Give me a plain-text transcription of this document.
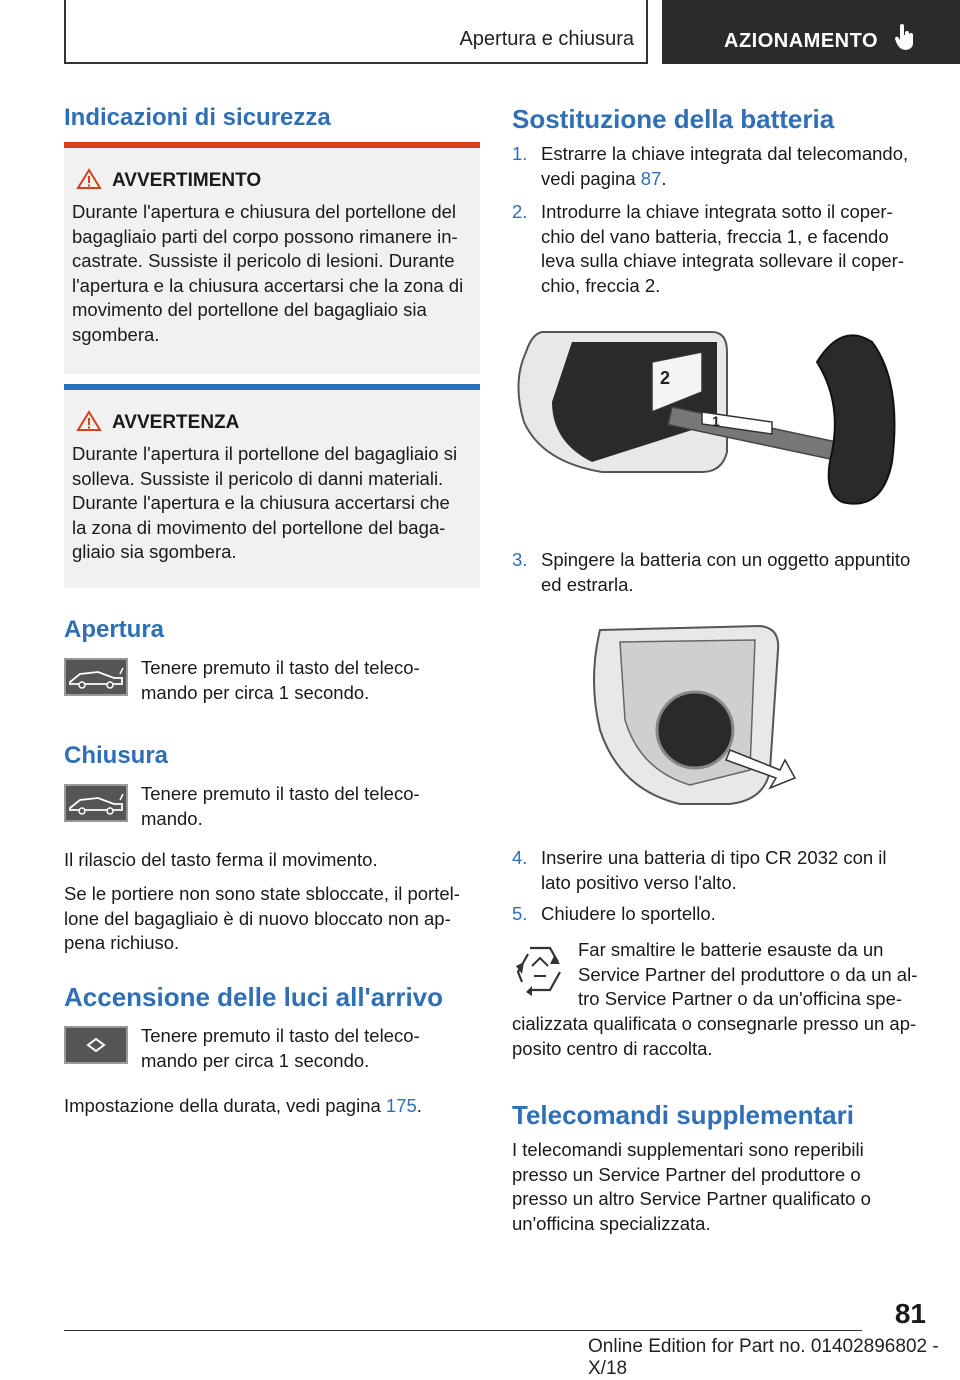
Apertura e chiusura	AZIONAMENTO
Indicazioni di sicurezza
AVVERTIMENTO
Durante l'apertura e chiusura del portellone del
bagagliaio parti del corpo possono rimanere in-
castrate. Sussiste il pericolo di lesioni. Durante
l'apertura e la chiusura accertarsi che la zona di
movimento del portellone del bagagliaio sia
sgombera.
AVVERTENZA
Durante l'apertura il portellone del bagagliaio si
solleva. Sussiste il pericolo di danni materiali.
Durante l'apertura e la chiusura accertarsi che
la zona di movimento del portellone del baga-
gliaio sia sgombera.
Apertura
Tenere premuto il tasto del teleco-
mando per circa 1 secondo.
Chiusura
Tenere premuto il tasto del teleco-
mando.
Il rilascio del tasto ferma il movimento.
Se le portiere non sono state sbloccate, il portel-
lone del bagagliaio è di nuovo bloccato non ap-
pena richiuso.
Accensione delle luci all'arrivo
Tenere premuto il tasto del teleco-
mando per circa 1 secondo.
Impostazione della durata, vedi pagina 175.
Sostituzione della batteria
1. Estrarre la chiave integrata dal telecomando,
vedi pagina 87.
2. Introdurre la chiave integrata sotto il coper-
chio del vano batteria, freccia 1, e facendo
leva sulla chiave integrata sollevare il coper-
chio, freccia 2.
2
1
3. Spingere la batteria con un oggetto appuntito
ed estrarla.
4. Inserire una batteria di tipo CR 2032 con il
lato positivo verso l'alto.
5. Chiudere lo sportello.
Far smaltire le batterie esauste da un
Service Partner del produttore o da un al-
tro Service Partner o da un'officina spe-
cializzata qualificata o consegnarle presso un ap-
posito centro di raccolta.
Telecomandi supplementari
I telecomandi supplementari sono reperibili
presso un Service Partner del produttore o
presso un altro Service Partner qualificato o
un'officina specializzata.
81
Online Edition for Part no. 01402896802 - X/18
